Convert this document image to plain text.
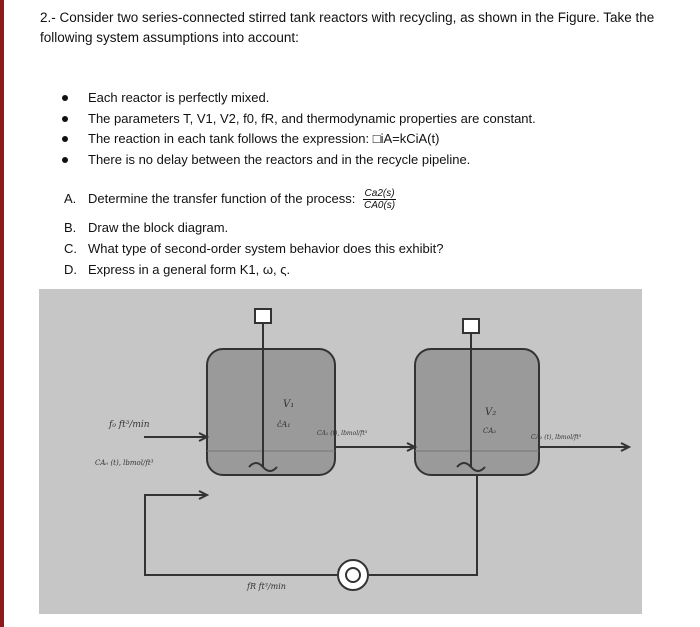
2.- Consider two series-connected stirred tank reactors with recycling, as shown in the Figure. Take the following system assumptions into account:
Each reactor is perfectly mixed.
The parameters T, V1, V2, f0, fR, and thermodynamic properties are constant.
The reaction in each tank follows the expression: □iA=kCiA(t)
There is no delay between the reactors and in the recycle pipeline.
A. Determine the transfer function of the process: $\frac{Ca2(s)}{CA0(s)}$
B. Draw the block diagram.
C. What type of second-order system behavior does this exhibit?
D. Express in a general form K1, ω, ς.
V₁
ĉA₁
V₂
CA₂
f₀ ft³/min
CA₀ (t), lbmol/ft³
CA₁ (t), lbmol/ft³
CA₂ (t), lbmol/ft³
fR ft³/min
